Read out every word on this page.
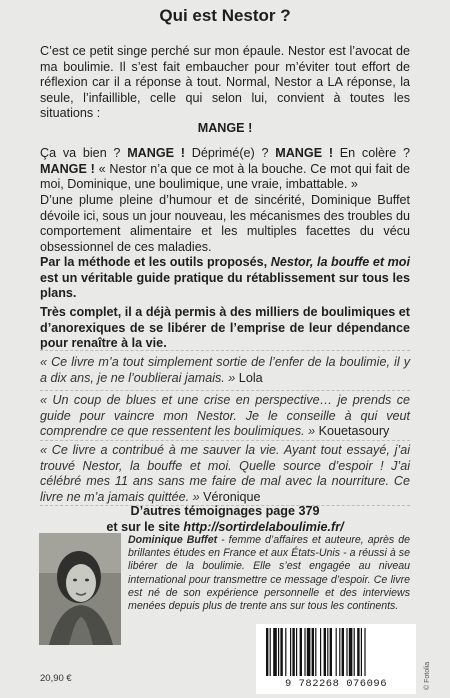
Qui est Nestor ?

C’est ce petit singe perché sur mon épaule. Nestor est l’avocat de ma boulimie. Il s’est fait embaucher pour m’éviter tout effort de réflexion car il a réponse à tout. Normal, Nestor a LA réponse, la seule, l’infaillible, celle qui selon lui, convient à toutes les situations :

MANGE !

Ça va bien ? MANGE ! Déprimé(e) ? MANGE ! En colère ? MANGE ! « Nestor n’a que ce mot à la bouche. Ce mot qui fait de moi, Dominique, une boulimique, une vraie, imbattable. »

D’une plume pleine d’humour et de sincérité, Dominique Buffet dévoile ici, sous un jour nouveau, les mécanismes des troubles du comportement alimentaire et les multiples facettes du vécu obsessionnel de ces maladies.

Par la méthode et les outils proposés, Nestor, la bouffe et moi est un véritable guide pratique du rétablissement sur tous les plans.

Très complet, il a déjà permis à des milliers de boulimiques et d’anorexiques de se libérer de l’emprise de leur dépendance pour renaître à la vie.

« Ce livre m’a tout simplement sortie de l’enfer de la boulimie, il y a dix ans, je ne l’oublierai jamais. » Lola

« Un coup de blues et une crise en perspective… je prends ce guide pour vaincre mon Nestor. Je le conseille à qui veut comprendre ce que ressentent les boulimiques. » Kouetasoury

« Ce livre a contribué à me sauver la vie. Ayant tout essayé, j’ai trouvé Nestor, la bouffe et moi. Quelle source d’espoir ! J’ai célébré mes 11 ans sans me faire de mal avec la nourriture. Ce livre ne m’a jamais quittée. » Véronique

D’autres témoignages page 379
et sur le site http://sortirdelaboulimie.fr/

Dominique Buffet - femme d’affaires et auteure, après de brillantes études en France et aux États-Unis - a réussi à se libérer de la boulimie. Elle s’est engagée au niveau international pour transmettre ce message d’espoir. Ce livre est né de son expérience personnelle et des interviews menées depuis plus de trente ans sur tous les continents.

20,90 €	9 782268 076096	© Fotolia
